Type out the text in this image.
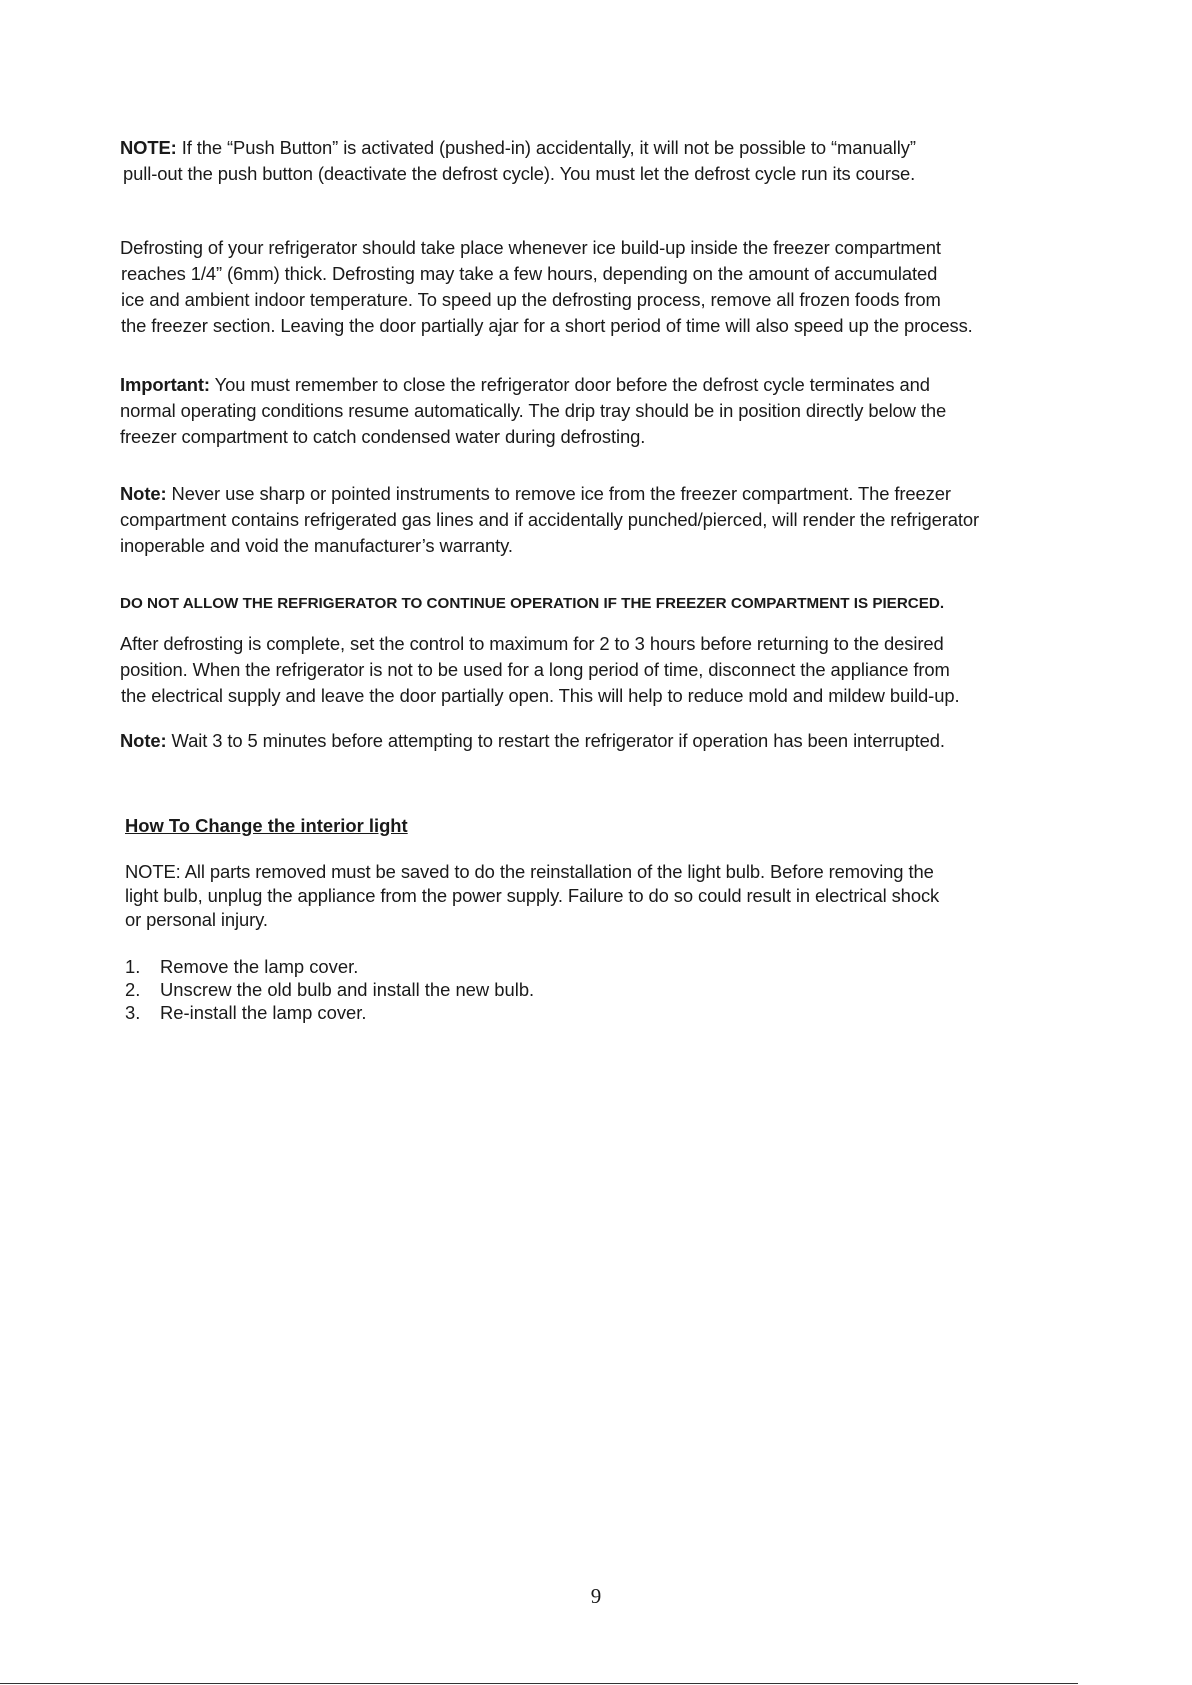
NOTE: If the “Push Button” is activated (pushed-in) accidentally, it will not be possible to “manually”
pull-out the push button (deactivate the defrost cycle). You must let the defrost cycle run its course.
Defrosting of your refrigerator should take place whenever ice build-up inside the freezer compartment
reaches 1/4” (6mm) thick. Defrosting may take a few hours, depending on the amount of accumulated
ice and ambient indoor temperature. To speed up the defrosting process, remove all frozen foods from
the freezer section. Leaving the door partially ajar for a short period of time will also speed up the process.
Important: You must remember to close the refrigerator door before the defrost cycle terminates and
normal operating conditions resume automatically. The drip tray should be in position directly below the
freezer compartment to catch condensed water during defrosting.
Note: Never use sharp or pointed instruments to remove ice from the freezer compartment. The freezer
compartment contains refrigerated gas lines and if accidentally punched/pierced, will render the refrigerator
inoperable and void the manufacturer’s warranty.
DO NOT ALLOW THE REFRIGERATOR TO CONTINUE OPERATION IF THE FREEZER COMPARTMENT IS PIERCED.
After defrosting is complete, set the control to maximum for 2 to 3 hours before returning to the desired
position. When the refrigerator is not to be used for a long period of time, disconnect the appliance from
the electrical supply and leave the door partially open. This will help to reduce mold and mildew build-up.
Note: Wait 3 to 5 minutes before attempting to restart the refrigerator if operation has been interrupted.
How To Change the interior light
NOTE: All parts removed must be saved to do the reinstallation of the light bulb. Before removing the
light bulb, unplug the appliance from the power supply. Failure to do so could result in electrical shock
or personal injury.
1. Remove the lamp cover.
2. Unscrew the old bulb and install the new bulb.
3. Re-install the lamp cover.
9
